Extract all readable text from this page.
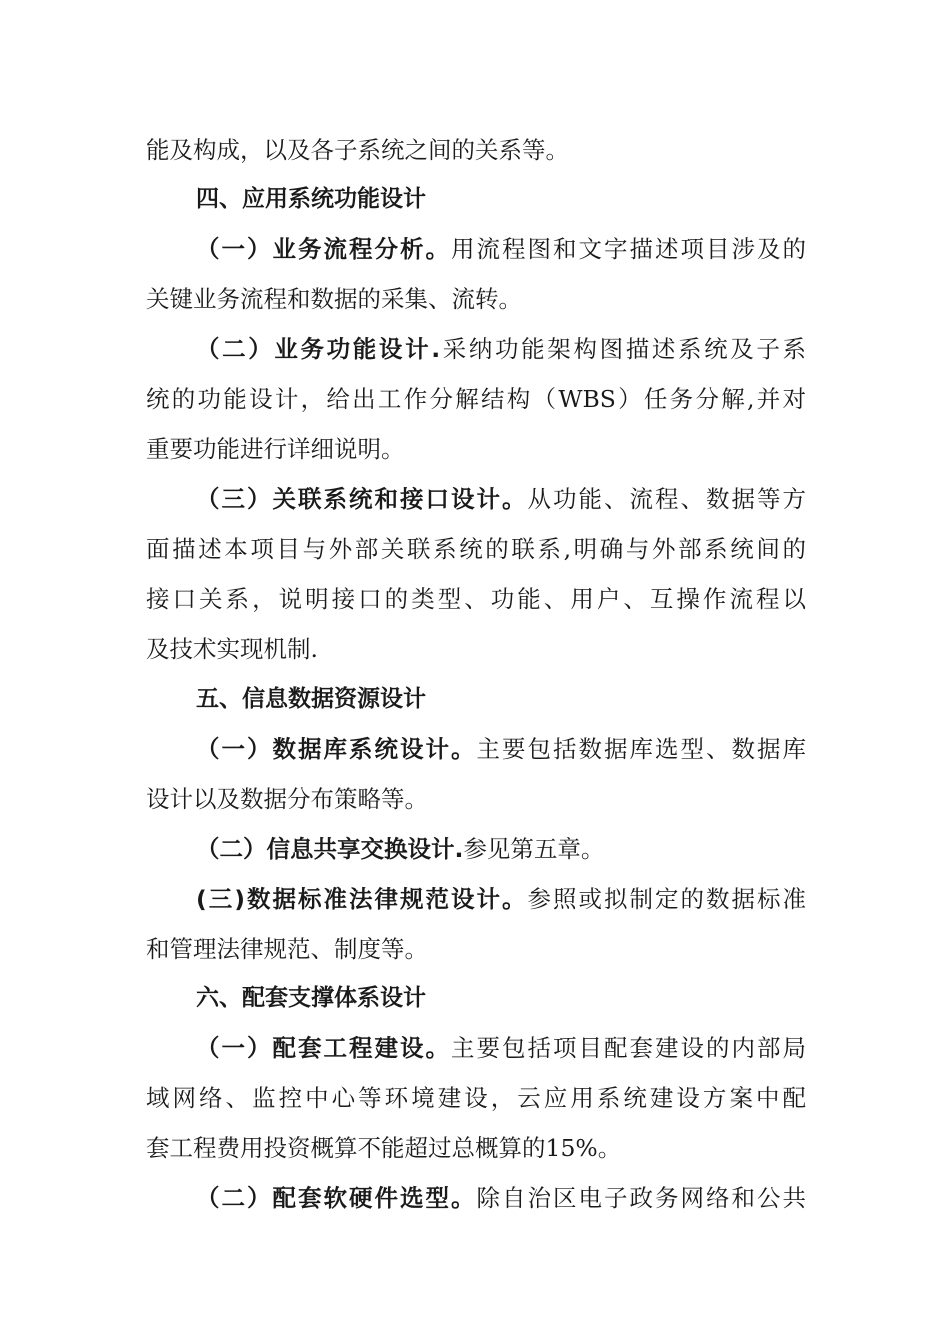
能及构成，以及各子系统之间的关系等。
四、应用系统功能设计
（一）业务流程分析。用流程图和文字描述项目涉及的
关键业务流程和数据的采集、流转。
（二）业务功能设计.采纳功能架构图描述系统及子系
统的功能设计，给出工作分解结构（WBS）任务分解,并对
重要功能进行详细说明。
（三）关联系统和接口设计。从功能、流程、数据等方
面描述本项目与外部关联系统的联系,明确与外部系统间的
接口关系，说明接口的类型、功能、用户、互操作流程以
及技术实现机制.
五、信息数据资源设计
（一）数据库系统设计。主要包括数据库选型、数据库
设计以及数据分布策略等。
（二）信息共享交换设计.参见第五章。
(三)数据标准法律规范设计。参照或拟制定的数据标准
和管理法律规范、制度等。
六、配套支撑体系设计
（一）配套工程建设。主要包括项目配套建设的内部局
域网络、监控中心等环境建设，云应用系统建设方案中配
套工程费用投资概算不能超过总概算的15%。
（二）配套软硬件选型。除自治区电子政务网络和公共
